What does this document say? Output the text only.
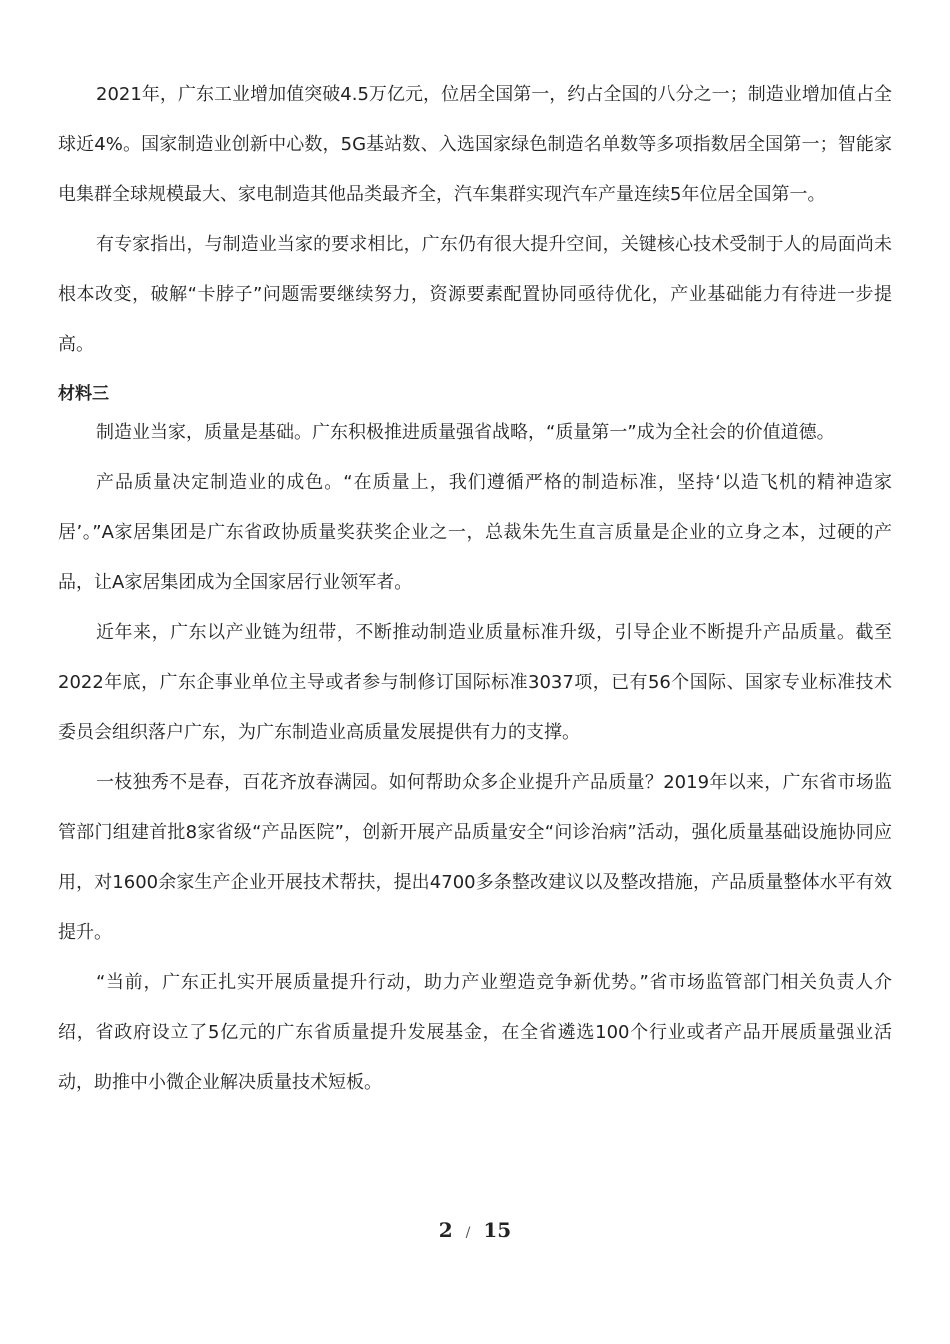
2021年，广东工业增加值突破4.5万亿元，位居全国第一，约占全国的八分之一；制造业增加值占全球近4%。国家制造业创新中心数，5G基站数、入选国家绿色制造名单数等多项指数居全国第一；智能家电集群全球规模最大、家电制造其他品类最齐全，汽车集群实现汽车产量连续5年位居全国第一。

有专家指出，与制造业当家的要求相比，广东仍有很大提升空间，关键核心技术受制于人的局面尚未根本改变，破解“卡脖子”问题需要继续努力，资源要素配置协同亟待优化，产业基础能力有待进一步提高。

材料三

制造业当家，质量是基础。广东积极推进质量强省战略，“质量第一”成为全社会的价值道德。

产品质量决定制造业的成色。“在质量上，我们遵循严格的制造标准，坚持‘以造飞机的精神造家居’。”A家居集团是广东省政协质量奖获奖企业之一，总裁朱先生直言质量是企业的立身之本，过硬的产品，让A家居集团成为全国家居行业领军者。

近年来，广东以产业链为纽带，不断推动制造业质量标准升级，引导企业不断提升产品质量。截至2022年底，广东企事业单位主导或者参与制修订国际标准3037项，已有56个国际、国家专业标准技术委员会组织落户广东，为广东制造业高质量发展提供有力的支撑。

一枝独秀不是春，百花齐放春满园。如何帮助众多企业提升产品质量？2019年以来，广东省市场监管部门组建首批8家省级“产品医院”，创新开展产品质量安全“问诊治病”活动，强化质量基础设施协同应用，对1600余家生产企业开展技术帮扶，提出4700多条整改建议以及整改措施，产品质量整体水平有效提升。

“当前，广东正扎实开展质量提升行动，助力产业塑造竞争新优势。”省市场监管部门相关负责人介绍，省政府设立了5亿元的广东省质量提升发展基金，在全省遴选100个行业或者产品开展质量强业活动，助推中小微企业解决质量技术短板。

2 / 15
